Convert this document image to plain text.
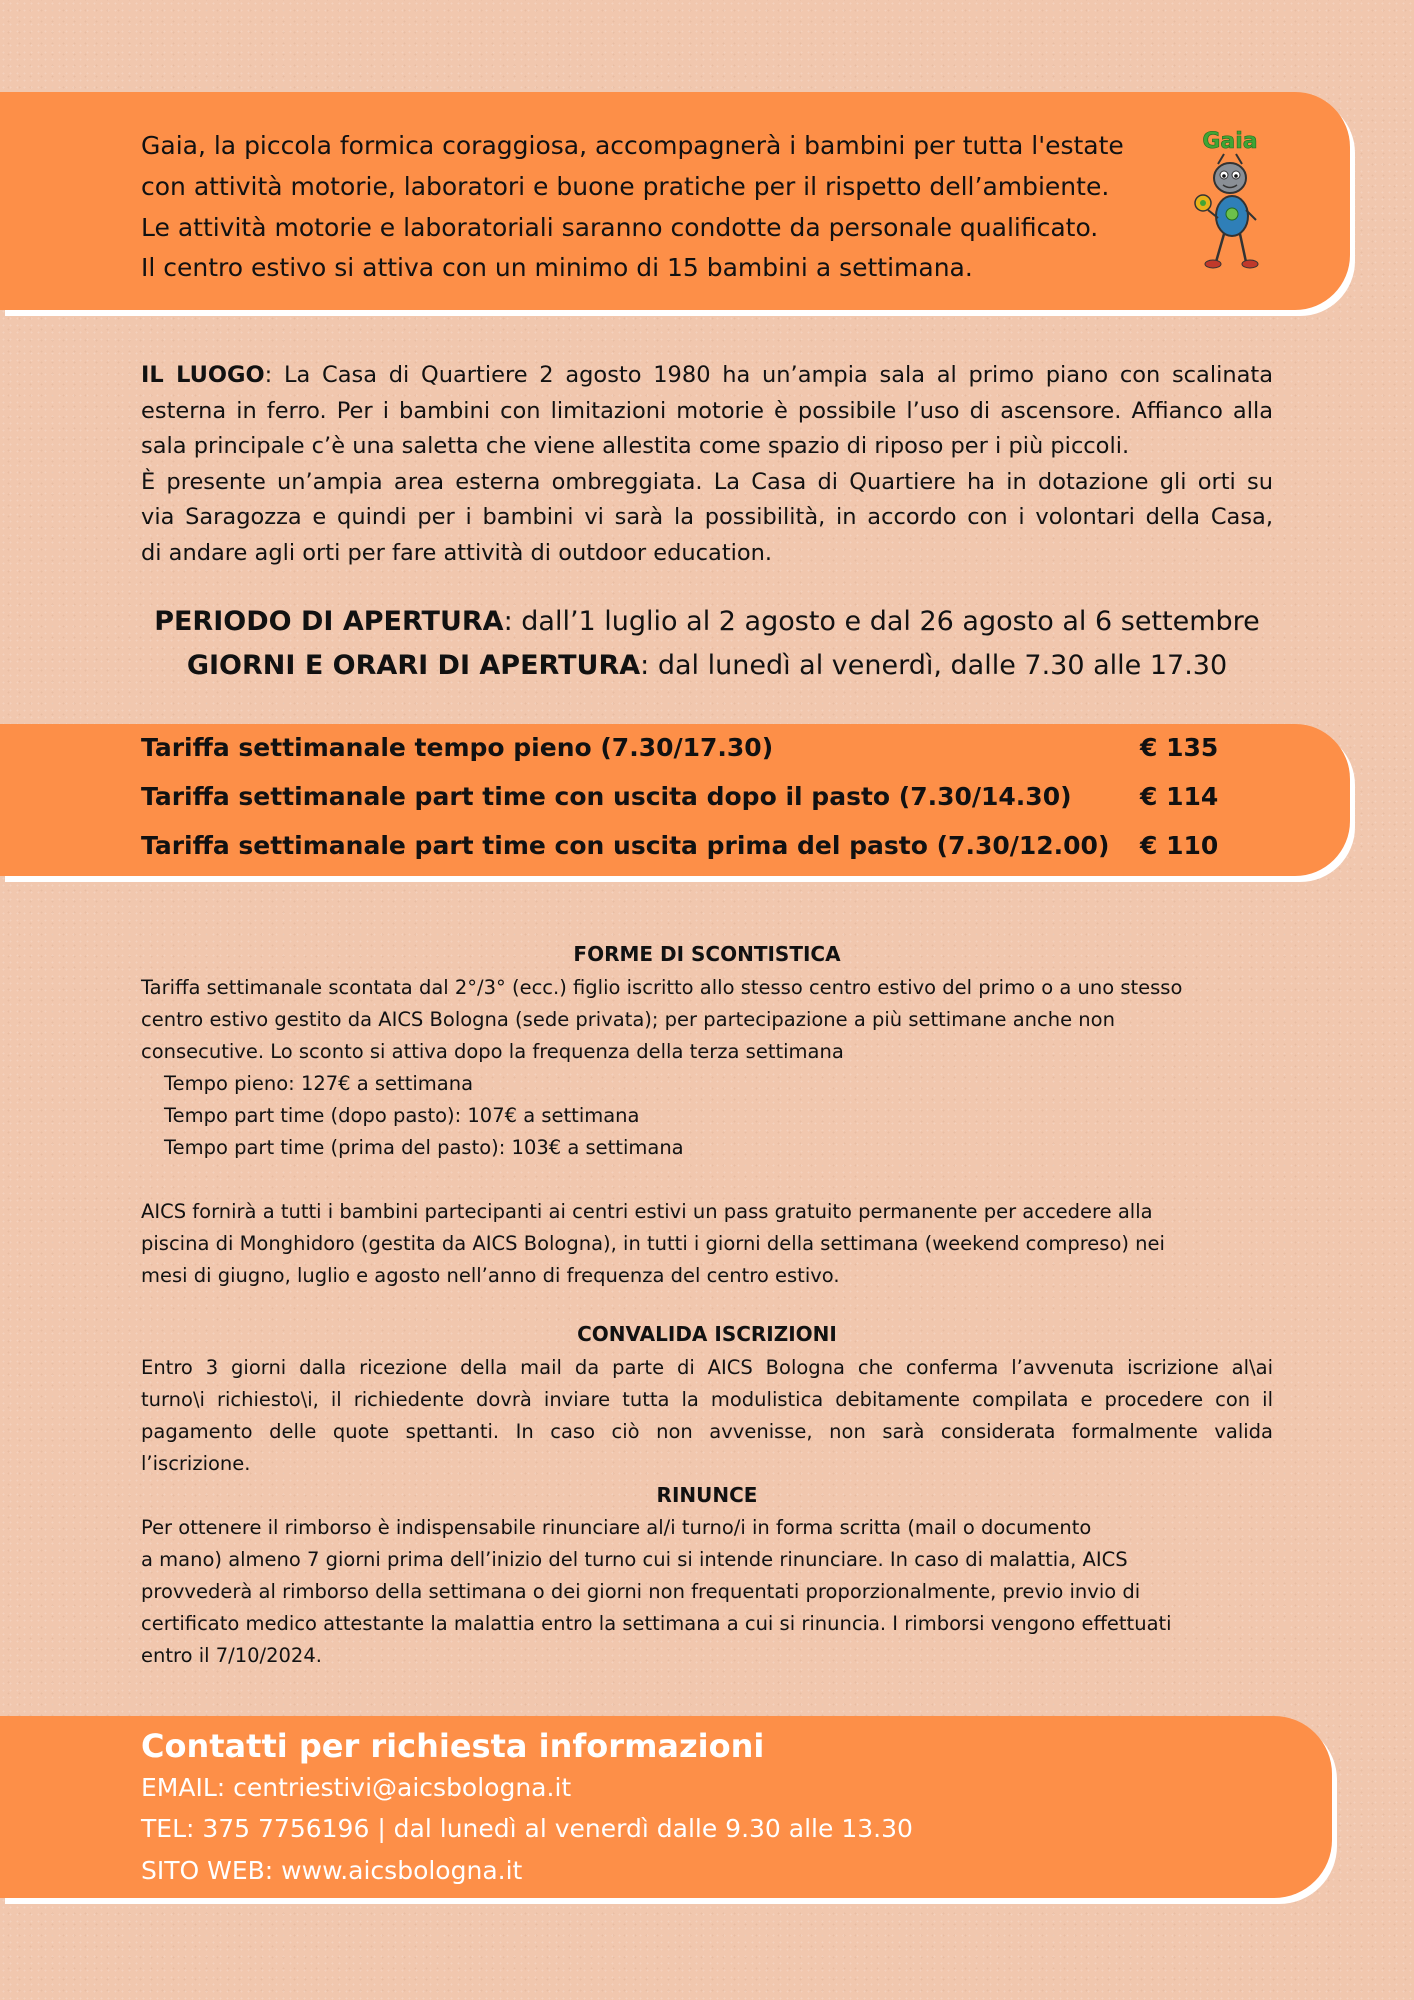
Gaia, la piccola formica coraggiosa, accompagnerà i bambini per tutta l'estate
con attività motorie, laboratori e buone pratiche per il rispetto dell’ambiente.
Le attività motorie e laboratoriali saranno condotte da personale qualificato.
Il centro estivo si attiva con un minimo di 15 bambini a settimana.
Gaia
IL LUOGO: La Casa di Quartiere 2 agosto 1980 ha un’ampia sala al primo piano con scalinata
esterna in ferro. Per i bambini con limitazioni motorie è possibile l’uso di ascensore. Affianco alla
sala principale c’è una saletta che viene allestita come spazio di riposo per i più piccoli.
È presente un’ampia area esterna ombreggiata. La Casa di Quartiere ha in dotazione gli orti su
via Saragozza e quindi per i bambini vi sarà la possibilità, in accordo con i volontari della Casa,
di andare agli orti per fare attività di outdoor education.
PERIODO DI APERTURA: dall’1 luglio al 2 agosto e dal 26 agosto al 6 settembre
GIORNI E ORARI DI APERTURA: dal lunedì al venerdì, dalle 7.30 alle 17.30
Tariffa settimanale tempo pieno (7.30/17.30)	€ 135
Tariffa settimanale part time con uscita dopo il pasto (7.30/14.30)	€ 114
Tariffa settimanale part time con uscita prima del pasto (7.30/12.00) € 110
FORME DI SCONTISTICA
Tariffa settimanale scontata dal 2°/3° (ecc.) figlio iscritto allo stesso centro estivo del primo o a uno stesso
centro estivo gestito da AICS Bologna (sede privata); per partecipazione a più settimane anche non
consecutive. Lo sconto si attiva dopo la frequenza della terza settimana
Tempo pieno: 127€ a settimana
Tempo part time (dopo pasto): 107€ a settimana
Tempo part time (prima del pasto): 103€ a settimana
AICS fornirà a tutti i bambini partecipanti ai centri estivi un pass gratuito permanente per accedere alla
piscina di Monghidoro (gestita da AICS Bologna), in tutti i giorni della settimana (weekend compreso) nei
mesi di giugno, luglio e agosto nell’anno di frequenza del centro estivo.
CONVALIDA ISCRIZIONI
Entro 3 giorni dalla ricezione della mail da parte di AICS Bologna che conferma l’avvenuta iscrizione al\ai
turno\i richiesto\i, il richiedente dovrà inviare tutta la modulistica debitamente compilata e procedere con il
pagamento delle quote spettanti. In caso ciò non avvenisse, non sarà considerata formalmente valida
l’iscrizione.
RINUNCE
Per ottenere il rimborso è indispensabile rinunciare al/i turno/i in forma scritta (mail o documento
a mano) almeno 7 giorni prima dell’inizio del turno cui si intende rinunciare. In caso di malattia, AICS
provvederà al rimborso della settimana o dei giorni non frequentati proporzionalmente, previo invio di
certificato medico attestante la malattia entro la settimana a cui si rinuncia. I rimborsi vengono effettuati
entro il 7/10/2024.
Contatti per richiesta informazioni
EMAIL: centriestivi@aicsbologna.it
TEL: 375 7756196 | dal lunedì al venerdì dalle 9.30 alle 13.30
SITO WEB: www.aicsbologna.it
